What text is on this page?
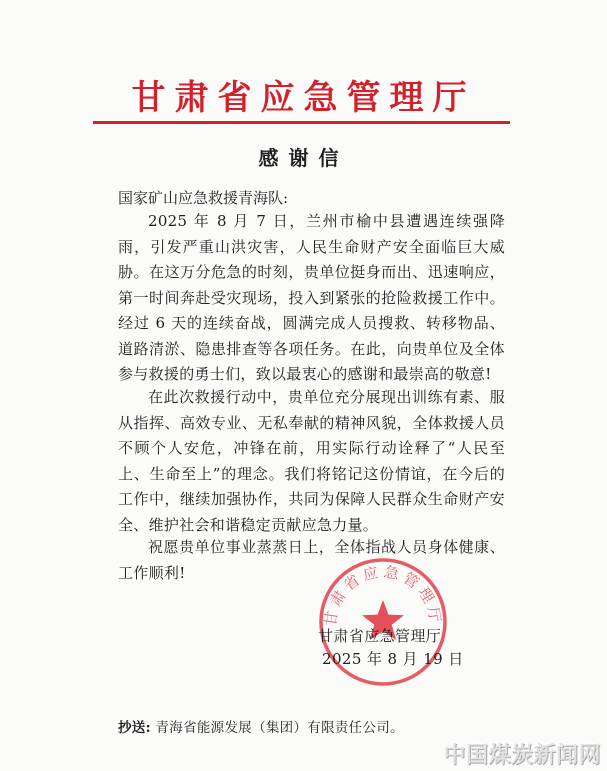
甘肃省应急管理厅
感谢信
国家矿山应急救援青海队:

2025 年 8 月 7 日，兰州市榆中县遭遇连续强降雨，引发严重山洪灾害，人民生命财产安全面临巨大威胁。在这万分危急的时刻，贵单位挺身而出、迅速响应，第一时间奔赴受灾现场，投入到紧张的抢险救援工作中。经过 6 天的连续奋战，圆满完成人员搜救、转移物品、道路清淤、隐患排查等各项任务。在此，向贵单位及全体参与救援的勇士们，致以最衷心的感谢和最崇高的敬意!

在此次救援行动中，贵单位充分展现出训练有素、服从指挥、高效专业、无私奉献的精神风貌，全体救援人员不顾个人安危，冲锋在前，用实际行动诠释了“人民至上、生命至上”的理念。我们将铭记这份情谊，在今后的工作中，继续加强协作，共同为保障人民群众生命财产安全、维护社会和谐稳定贡献应急力量。

祝愿贵单位事业蒸蒸日上，全体指战人员身体健康、工作顺利!

甘肃省应急管理厅
甘肃省应急管理厅
2025 年 8 月 19 日
抄送: 青海省能源发展（集团）有限责任公司。
中国煤炭新闻网
